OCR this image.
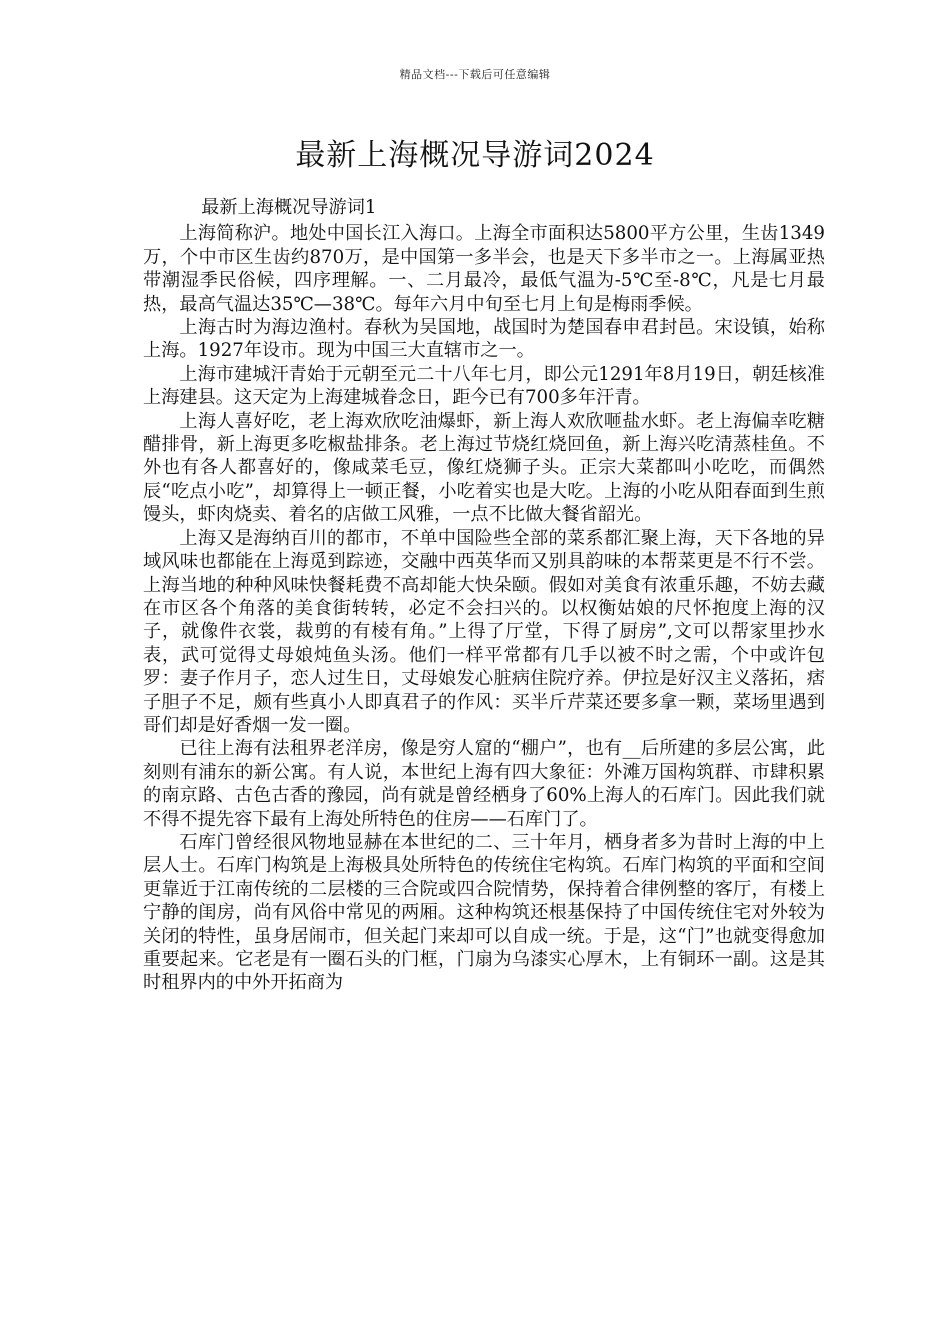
精品文档---下载后可任意编辑
最新上海概况导游词2024
最新上海概况导游词1

上海简称沪。地处中国长江入海口。上海全市面积达5800平方公里，生齿1349万，个中市区生齿约870万，是中国第一多半会，也是天下多半市之一。上海属亚热带潮湿季民俗候，四序理解。一、二月最冷，最低气温为-5℃至-8℃，凡是七月最热，最高气温达35℃—38℃。每年六月中旬至七月上旬是梅雨季候。

上海古时为海边渔村。春秋为吴国地，战国时为楚国春申君封邑。宋设镇，始称上海。1927年设市。现为中国三大直辖市之一。

上海市建城汗青始于元朝至元二十八年七月，即公元1291年8月19日，朝廷核准上海建县。这天定为上海建城眷念日，距今已有700多年汗青。

上海人喜好吃，老上海欢欣吃油爆虾，新上海人欢欣咂盐水虾。老上海偏幸吃糖醋排骨，新上海更多吃椒盐排条。老上海过节烧红烧回鱼，新上海兴吃清蒸桂鱼。不外也有各人都喜好的，像咸菜毛豆，像红烧狮子头。正宗大菜都叫小吃吃，而偶然辰“吃点小吃”，却算得上一顿正餐，小吃着实也是大吃。上海的小吃从阳春面到生煎馒头，虾肉烧卖、着名的店做工风雅，一点不比做大餐省韶光。

上海又是海纳百川的都市，不单中国险些全部的菜系都汇聚上海，天下各地的异域风味也都能在上海觅到踪迹，交融中西英华而又别具韵味的本帮菜更是不行不尝。上海当地的种种风味快餐耗费不高却能大快朵颐。假如对美食有浓重乐趣，不妨去藏在市区各个角落的美食街转转，必定不会扫兴的。以权衡姑娘的尺怀抱度上海的汉子，就像件衣裳，裁剪的有棱有角。”上得了厅堂，下得了厨房”,文可以帮家里抄水表，武可觉得丈母娘炖鱼头汤。他们一样平常都有几手以被不时之需，个中或许包罗：妻子作月子，恋人过生日，丈母娘发心脏病住院疗养。伊拉是好汉主义落拓，痞子胆子不足，颇有些真小人即真君子的作风：买半斤芹菜还要多拿一颗，菜场里遇到哥们却是好香烟一发一圈。

已往上海有法租界老洋房，像是穷人窟的“棚户”，也有__后所建的多层公寓，此刻则有浦东的新公寓。有人说，本世纪上海有四大象征：外滩万国构筑群、市肆积累的南京路、古色古香的豫园，尚有就是曾经栖身了60%上海人的石库门。因此我们就不得不提先容下最有上海处所特色的住房——石库门了。

石库门曾经很风物地显赫在本世纪的二、三十年月，栖身者多为昔时上海的中上层人士。石库门构筑是上海极具处所特色的传统住宅构筑。石库门构筑的平面和空间更靠近于江南传统的二层楼的三合院或四合院情势，保持着合律例整的客厅，有楼上宁静的闺房，尚有风俗中常见的两厢。这种构筑还根基保持了中国传统住宅对外较为关闭的特性，虽身居闹市，但关起门来却可以自成一统。于是，这“门”也就变得愈加重要起来。它老是有一圈石头的门框，门扇为乌漆实心厚木，上有铜环一副。这是其时租界内的中外开拓商为
